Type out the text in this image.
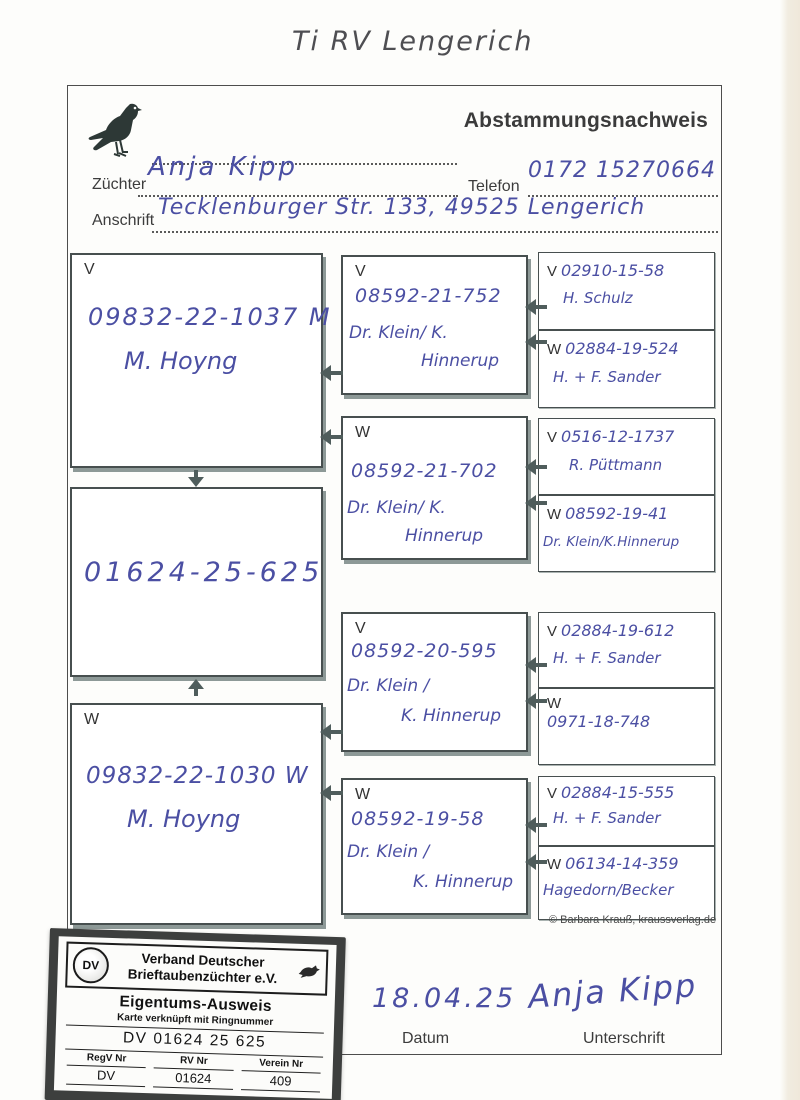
Ti RV Lengerich
Abstammungsnachweis
Züchter
Anja Kipp
Telefon
0172 15270664
Anschrift
Tecklenburger Str. 133, 49525 Lengerich
V
09832-22-1037 M
M. Hoyng
01624-25-625
W
09832-22-1030 W
M. Hoyng
V
08592-21-752
Dr. Klein/ K.
Hinnerup
W
08592-21-702
Dr. Klein/ K.
Hinnerup
V
08592-20-595
Dr. Klein /
K. Hinnerup
W
08592-19-58
Dr. Klein /
K. Hinnerup
V 02910-15-58
H. Schulz
W 02884-19-524
H. + F. Sander
V 0516-12-1737
R. Püttmann
W 08592-19-41
Dr. Klein/K.Hinnerup
V 02884-19-612
H. + F. Sander
W
0971-18-748
V 02884-15-555
H. + F. Sander
W 06134-14-359
Hagedorn/Becker
© Barbara Krauß, kraussverlag.de
18.04.25
Datum
Anja Kipp
Unterschrift
DV	Verband Deutscher
Brieftaubenzüchter e.V.
Eigentums-Ausweis
Karte verknüpft mit Ringnummer
DV 01624 25 625
RegV Nr
DV
RV Nr
01624
Verein Nr
409
